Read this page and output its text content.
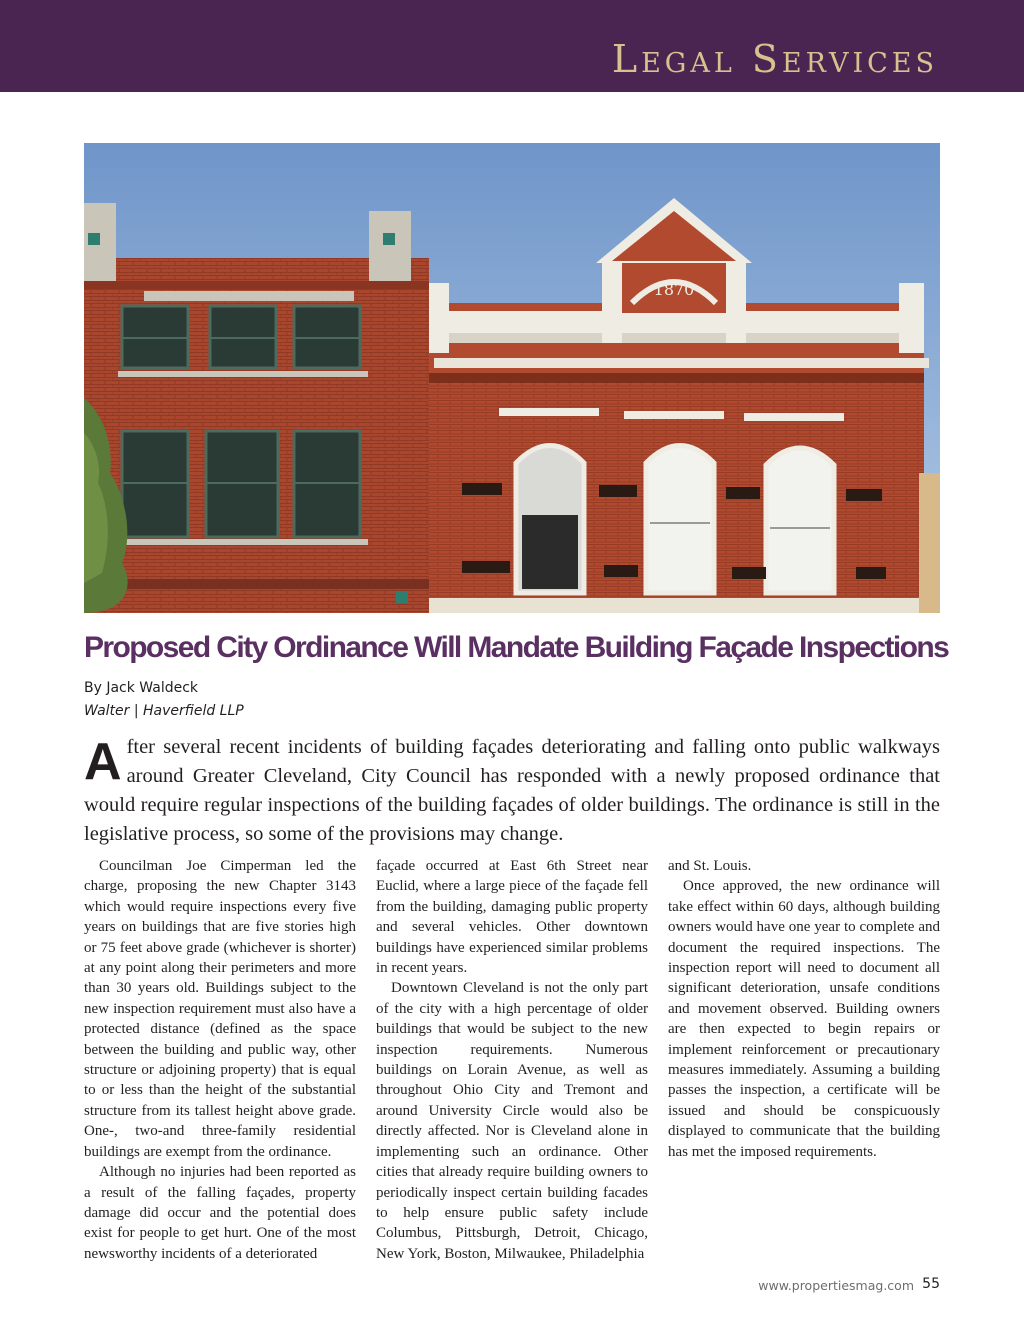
Legal Services
1870
Proposed City Ordinance Will Mandate Building Façade Inspections
By Jack Waldeck
Walter | Haverfield LLP
After several recent incidents of building façades deteriorating and falling onto public walkways around Greater Cleveland, City Council has responded with a newly proposed ordinance that would require regular inspections of the building façades of older buildings. The ordinance is still in the legislative process, so some of the provisions may change.

Councilman Joe Cimperman led the charge, proposing the new Chapter 3143 which would require inspections every five years on buildings that are five stories high or 75 feet above grade (whichever is shorter) at any point along their perimeters and more than 30 years old. Buildings subject to the new inspection requirement must also have a protected distance (defined as the space between the building and public way, other structure or adjoining property) that is equal to or less than the height of the substantial structure from its tallest height above grade. One-, two-and three-family residential buildings are exempt from the ordinance.

Although no injuries had been reported as a result of the falling façades, property damage did occur and the potential does exist for people to get hurt. One of the most newsworthy incidents of a deteriorated

façade occurred at East 6th Street near Euclid, where a large piece of the façade fell from the building, damaging public property and several vehicles. Other downtown buildings have experienced similar problems in recent years.

Downtown Cleveland is not the only part of the city with a high percentage of older buildings that would be subject to the new inspection requirements. Numerous buildings on Lorain Avenue, as well as throughout Ohio City and Tremont and around University Circle would also be directly affected. Nor is Cleveland alone in implementing such an ordinance. Other cities that already require building owners to periodically inspect certain building facades to help ensure public safety include Columbus, Pittsburgh, Detroit, Chicago, New York, Boston, Milwaukee, Philadelphia

and St. Louis.

Once approved, the new ordinance will take effect within 60 days, although building owners would have one year to complete and document the required inspections. The inspection report will need to document all significant deterioration, unsafe conditions and movement observed. Building owners are then expected to begin repairs or implement reinforcement or precautionary measures immediately. Assuming a building passes the inspection, a certificate will be issued and should be conspicuously displayed to communicate that the building has met the imposed requirements.

www.propertiesmag.com 55
